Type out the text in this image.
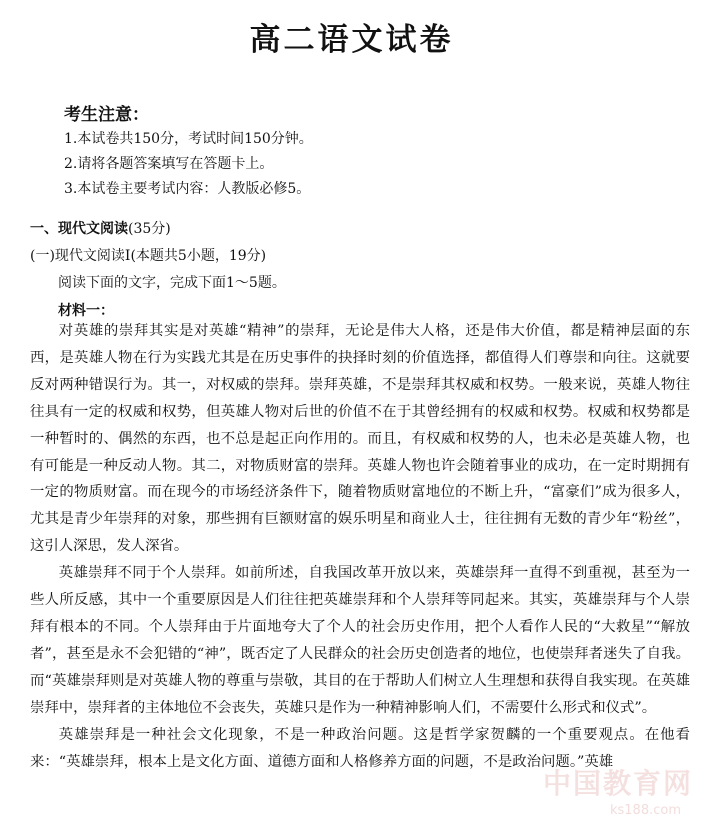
高二语文试卷
考生注意：
1.本试卷共150分，考试时间150分钟。
2.请将各题答案填写在答题卡上。
3.本试卷主要考试内容：人教版必修5。
一、现代文阅读(35分)
(一)现代文阅读Ⅰ(本题共5小题，19分)
阅读下面的文字，完成下面1～5题。
材料一：

对英雄的崇拜其实是对英雄“精神”的崇拜，无论是伟大人格，还是伟大价值，都是精神层面的东西，是英雄人物在行为实践尤其是在历史事件的抉择时刻的价值选择，都值得人们尊崇和向往。这就要反对两种错误行为。其一，对权威的崇拜。崇拜英雄，不是崇拜其权威和权势。一般来说，英雄人物往往具有一定的权威和权势，但英雄人物对后世的价值不在于其曾经拥有的权威和权势。权威和权势都是一种暂时的、偶然的东西，也不总是起正向作用的。而且，有权威和权势的人，也未必是英雄人物，也有可能是一种反动人物。其二，对物质财富的崇拜。英雄人物也许会随着事业的成功，在一定时期拥有一定的物质财富。而在现今的市场经济条件下，随着物质财富地位的不断上升，“富豪们”成为很多人，尤其是青少年崇拜的对象，那些拥有巨额财富的娱乐明星和商业人士，往往拥有无数的青少年“粉丝”，这引人深思，发人深省。

英雄崇拜不同于个人崇拜。如前所述，自我国改革开放以来，英雄崇拜一直得不到重视，甚至为一些人所反感，其中一个重要原因是人们往往把英雄崇拜和个人崇拜等同起来。其实，英雄崇拜与个人崇拜有根本的不同。个人崇拜由于片面地夸大了个人的社会历史作用，把个人看作人民的“大救星”“解放者”，甚至是永不会犯错的“神”，既否定了人民群众的社会历史创造者的地位，也使崇拜者迷失了自我。而“英雄崇拜则是对英雄人物的尊重与崇敬，其目的在于帮助人们树立人生理想和获得自我实现。在英雄崇拜中，崇拜者的主体地位不会丧失，英雄只是作为一种精神影响人们，不需要什么形式和仪式”。

英雄崇拜是一种社会文化现象，不是一种政治问题。这是哲学家贺麟的一个重要观点。在他看来：“英雄崇拜，根本上是文化方面、道德方面和人格修养方面的问题，不是政治问题。”英雄

中国教育网
ks188.com
